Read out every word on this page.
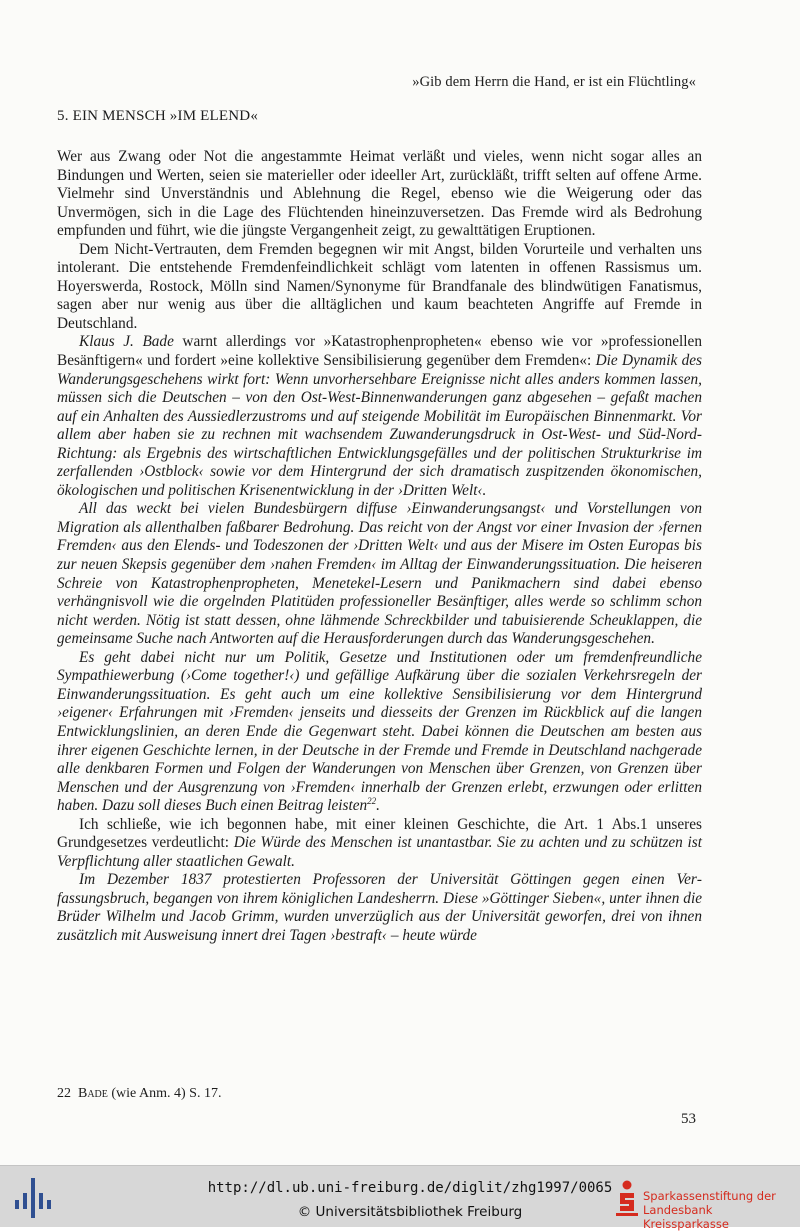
»Gib dem Herrn die Hand, er ist ein Flüchtling«
5. EIN MENSCH »IM ELEND«

Wer aus Zwang oder Not die angestammte Heimat verläßt und vieles, wenn nicht sogar alles an Bindungen und Werten, seien sie materieller oder ideeller Art, zurückläßt, trifft selten auf offene Arme. Vielmehr sind Unverständnis und Ablehnung die Regel, ebenso wie die Weigerung oder das Unvermögen, sich in die Lage des Flüchtenden hineinzuversetzen. Das Fremde wird als Bedrohung empfunden und führt, wie die jüngste Vergangenheit zeigt, zu gewalttätigen Eruptionen.

Dem Nicht-Vertrauten, dem Fremden begegnen wir mit Angst, bilden Vorurteile und verhalten uns intolerant. Die entstehende Fremdenfeindlichkeit schlägt vom latenten in offenen Rassismus um. Hoyerswerda, Rostock, Mölln sind Namen/Synonyme für Brandfanale des blindwütigen Fanatismus, sagen aber nur wenig aus über die alltäglichen und kaum beachteten Angriffe auf Fremde in Deutschland.

Klaus J. Bade warnt allerdings vor »Katastrophenpropheten« ebenso wie vor »professionellen Besänftigern« und fordert »eine kollektive Sensibilisierung gegenüber dem Fremden«: Die Dynamik des Wanderungsgeschehens wirkt fort: Wenn unvorhersehbare Ereignisse nicht alles anders kommen lassen, müssen sich die Deutschen – von den Ost-West-Binnenwanderungen ganz abgesehen – gefaßt machen auf ein Anhalten des Aussiedlerzustroms und auf steigende Mobilität im Europäischen Binnenmarkt. Vor allem aber haben sie zu rechnen mit wachsendem Zuwanderungsdruck in Ost-West- und Süd-Nord-Richtung: als Ergebnis des wirtschaftlichen Entwicklungsgefälles und der politischen Strukturkrise im zerfallenden ›Ostblock‹ sowie vor dem Hintergrund der sich dramatisch zuspitzenden ökonomischen, ökologischen und politischen Krisenentwicklung in der ›Dritten Welt‹.

All das weckt bei vielen Bundesbürgern diffuse ›Einwanderungsangst‹ und Vorstellungen von Migration als allenthalben faßbarer Bedrohung. Das reicht von der Angst vor einer Invasion der ›fernen Fremden‹ aus den Elends- und Todeszonen der ›Dritten Welt‹ und aus der Misere im Osten Europas bis zur neuen Skepsis gegenüber dem ›nahen Fremden‹ im Alltag der Einwanderungssituation. Die heiseren Schreie von Katastrophenpropheten, Menetekel-Lesern und Panikmachern sind dabei ebenso verhängnisvoll wie die orgelnden Platitüden professioneller Besänftiger, alles werde so schlimm schon nicht werden. Nötig ist statt dessen, ohne lähmende Schreckbilder und tabuisierende Scheuklappen, die gemeinsame Suche nach Antworten auf die Herausforderungen durch das Wanderungsgeschehen.

Es geht dabei nicht nur um Politik, Gesetze und Institutionen oder um fremdenfreundliche Sympathiewerbung (›Come together!‹) und gefällige Aufkärung über die sozialen Verkehrsregeln der Einwanderungssituation. Es geht auch um eine kollektive Sensibilisierung vor dem Hintergrund ›eigener‹ Erfahrungen mit ›Fremden‹ jenseits und diesseits der Grenzen im Rückblick auf die langen Entwicklungslinien, an deren Ende die Gegenwart steht. Dabei können die Deutschen am besten aus ihrer eigenen Geschichte lernen, in der Deutsche in der Fremde und Fremde in Deutschland nachgerade alle denkbaren Formen und Folgen der Wanderungen von Menschen über Grenzen, von Grenzen über Menschen und der Ausgrenzung von ›Fremden‹ innerhalb der Grenzen erlebt, erzwungen oder erlitten haben. Dazu soll dieses Buch einen Beitrag leisten$^{22}$.

Ich schließe, wie ich begonnen habe, mit einer kleinen Geschichte, die Art. 1 Abs.1 unseres Grundgesetzes verdeutlicht: Die Würde des Menschen ist unantastbar. Sie zu achten und zu schützen ist Verpflichtung aller staatlichen Gewalt.

Im Dezember 1837 protestierten Professoren der Universität Göttingen gegen einen Verfassungsbruch, begangen von ihrem königlichen Landesherrn. Diese »Göttinger Sieben«, unter ihnen die Brüder Wilhelm und Jacob Grimm, wurden unverzüglich aus der Universität geworfen, drei von ihnen zusätzlich mit Ausweisung innert drei Tagen ›bestraft‹ – heute würde

22 Bade (wie Anm. 4) S. 17.
53
http://dl.ub.uni-freiburg.de/diglit/zhg1997/0065
© Universitätsbibliothek Freiburg
Sparkassenstiftung der
Landesbank Kreissparkasse
